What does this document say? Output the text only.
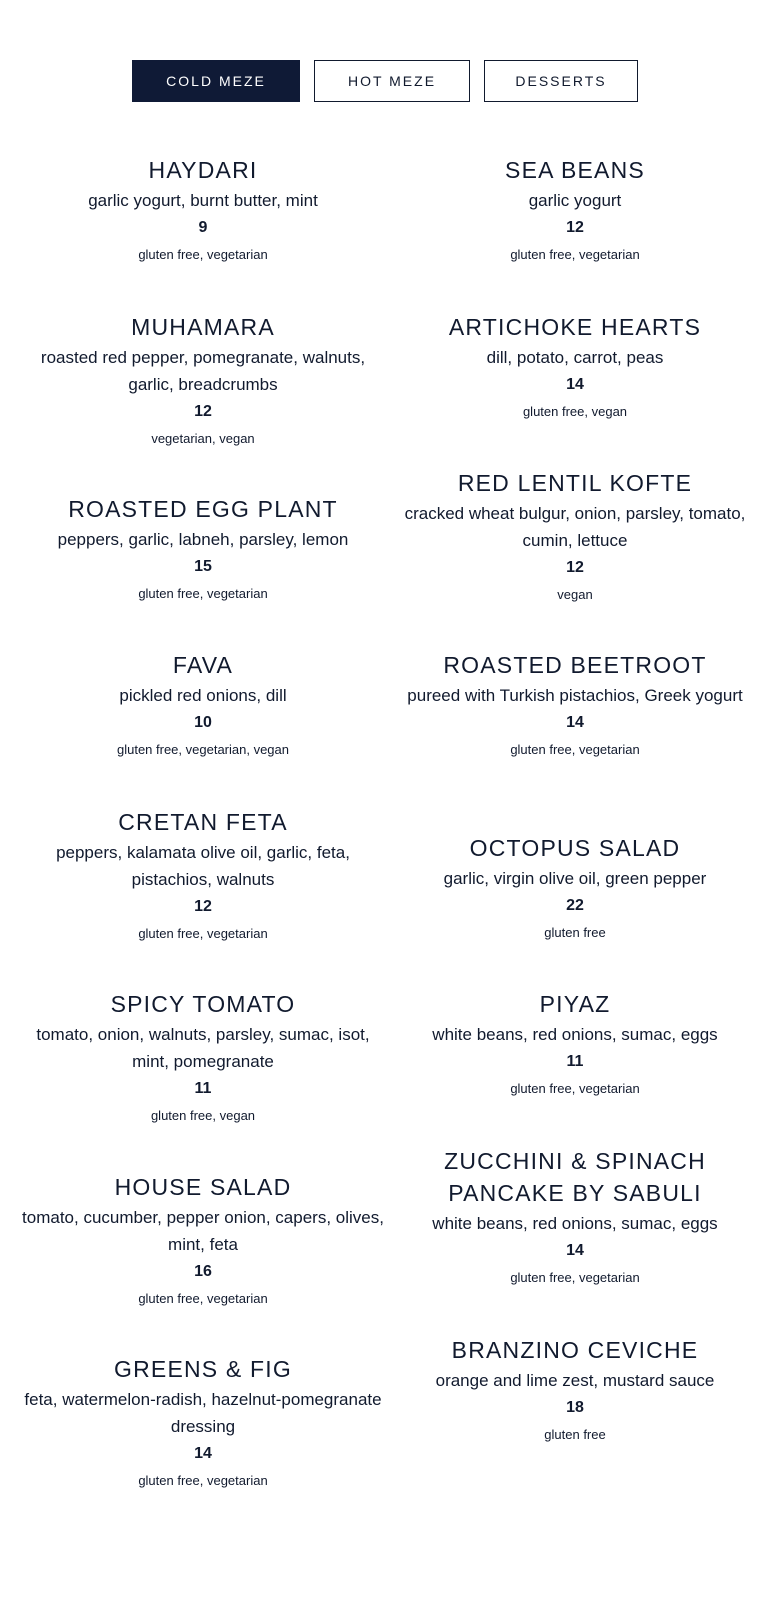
COLD MEZE	HOT MEZE	DESSERTS
HAYDARI
garlic yogurt, burnt butter, mint
9
gluten free, vegetarian
MUHAMARA
roasted red pepper, pomegranate, walnuts, garlic, breadcrumbs
12
vegetarian, vegan
ROASTED EGG PLANT
peppers, garlic, labneh, parsley, lemon
15
gluten free, vegetarian
FAVA
pickled red onions, dill
10
gluten free, vegetarian, vegan
CRETAN FETA
peppers, kalamata olive oil, garlic, feta, pistachios, walnuts
12
gluten free, vegetarian
SPICY TOMATO
tomato, onion, walnuts, parsley, sumac, isot, mint, pomegranate
11
gluten free, vegan
HOUSE SALAD
tomato, cucumber, pepper onion, capers, olives, mint, feta
16
gluten free, vegetarian
GREENS & FIG
feta, watermelon-radish, hazelnut-pomegranate dressing
14
gluten free, vegetarian
SEA BEANS
garlic yogurt
12
gluten free, vegetarian
ARTICHOKE HEARTS
dill, potato, carrot, peas
14
gluten free, vegan
RED LENTIL KOFTE
cracked wheat bulgur, onion, parsley, tomato, cumin, lettuce
12
vegan
ROASTED BEETROOT
pureed with Turkish pistachios, Greek yogurt
14
gluten free, vegetarian
OCTOPUS SALAD
garlic, virgin olive oil, green pepper
22
gluten free
PIYAZ
white beans, red onions, sumac, eggs
11
gluten free, vegetarian
ZUCCHINI & SPINACH PANCAKE BY SABULI
white beans, red onions, sumac, eggs
14
gluten free, vegetarian
BRANZINO CEVICHE
orange and lime zest, mustard sauce
18
gluten free
